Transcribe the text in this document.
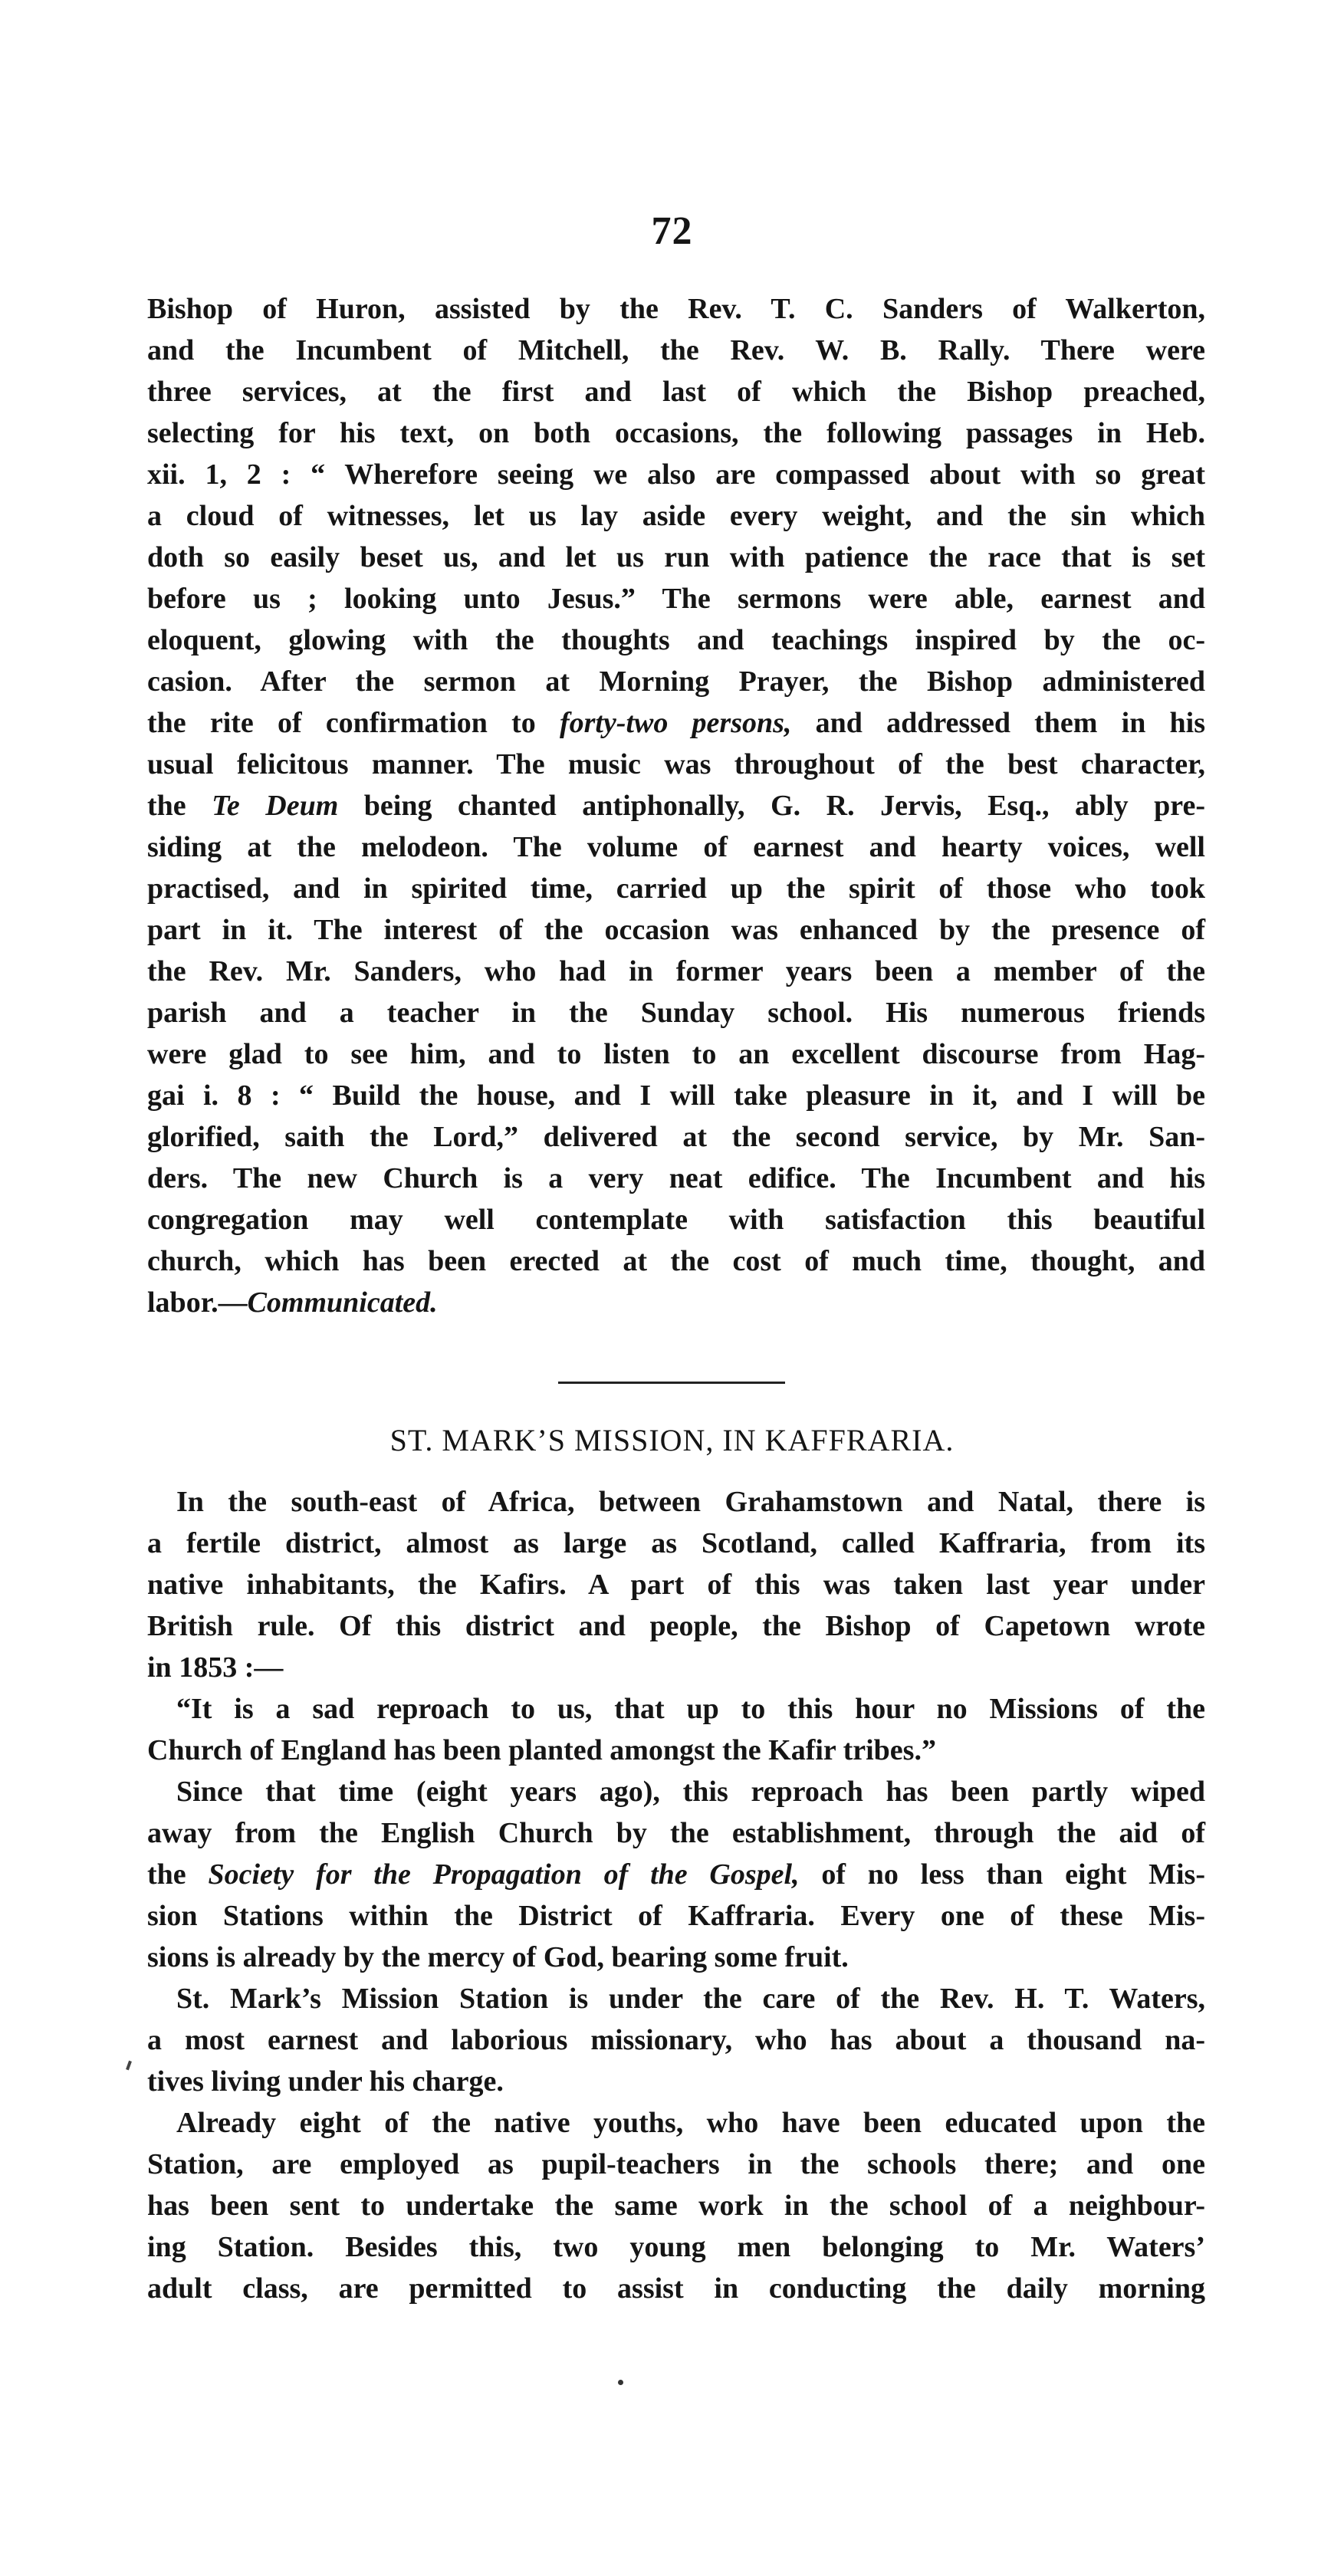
72
Bishop of Huron, assisted by the Rev. T. C. Sanders of Walkerton,
and the Incumbent of Mitchell, the Rev. W. B. Rally. There were
three services, at the first and last of which the Bishop preached,
selecting for his text, on both occasions, the following passages in Heb.
xii. 1, 2 : “ Wherefore seeing we also are compassed about with so great
a cloud of witnesses, let us lay aside every weight, and the sin which
doth so easily beset us, and let us run with patience the race that is set
before us ; looking unto Jesus.” The sermons were able, earnest and
eloquent, glowing with the thoughts and teachings inspired by the oc-
casion. After the sermon at Morning Prayer, the Bishop administered
the rite of confirmation to forty-two persons, and addressed them in his
usual felicitous manner. The music was throughout of the best character,
the Te Deum being chanted antiphonally, G. R. Jervis, Esq., ably pre-
siding at the melodeon. The volume of earnest and hearty voices, well
practised, and in spirited time, carried up the spirit of those who took
part in it. The interest of the occasion was enhanced by the presence of
the Rev. Mr. Sanders, who had in former years been a member of the
parish and a teacher in the Sunday school. His numerous friends
were glad to see him, and to listen to an excellent discourse from Hag-
gai i. 8 : “ Build the house, and I will take pleasure in it, and I will be
glorified, saith the Lord,” delivered at the second service, by Mr. San-
ders. The new Church is a very neat edifice. The Incumbent and his
congregation may well contemplate with satisfaction this beautiful
church, which has been erected at the cost of much time, thought, and
labor.—Communicated.
ST. MARK’S MISSION, IN KAFFRARIA.
In the south-east of Africa, between Grahamstown and Natal, there is
a fertile district, almost as large as Scotland, called Kaffraria, from its
native inhabitants, the Kafirs. A part of this was taken last year under
British rule. Of this district and people, the Bishop of Capetown wrote
in 1853 :—
“It is a sad reproach to us, that up to this hour no Missions of the
Church of England has been planted amongst the Kafir tribes.”
Since that time (eight years ago), this reproach has been partly wiped
away from the English Church by the establishment, through the aid of
the Society for the Propagation of the Gospel, of no less than eight Mis-
sion Stations within the District of Kaffraria. Every one of these Mis-
sions is already by the mercy of God, bearing some fruit.
St. Mark’s Mission Station is under the care of the Rev. H. T. Waters,
a most earnest and laborious missionary, who has about a thousand na-
tives living under his charge.
Already eight of the native youths, who have been educated upon the
Station, are employed as pupil-teachers in the schools there; and one
has been sent to undertake the same work in the school of a neighbour-
ing Station. Besides this, two young men belonging to Mr. Waters’
adult class, are permitted to assist in conducting the daily morning
